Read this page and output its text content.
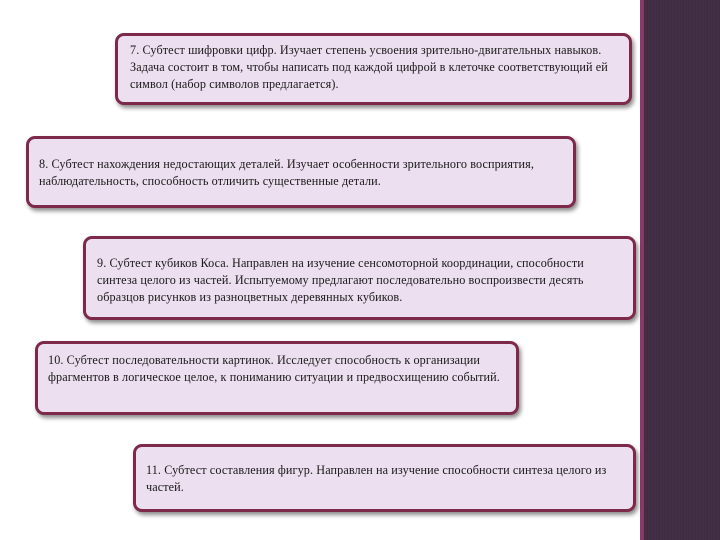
7. Субтест шифровки цифр. Изучает степень усвоения зрительно-двигательных навыков. Задача состоит в том, чтобы написать под каждой цифрой в клеточке соответствующий ей символ (набор символов предлагается).
8. Субтест нахождения недостающих деталей. Изучает особенности зрительного восприятия, наблюдательность, способность отличить существенные детали.
9. Субтест кубиков Коса. Направлен на изучение сенсомоторной координации, способности синтеза целого из частей. Испытуемому предлагают последовательно воспроизвести десять образцов рисунков из разноцветных деревянных кубиков.
10. Субтест последовательности картинок. Исследует способность к организации фрагментов в логическое целое, к пониманию ситуации и предвосхищению событий.
11. Субтест составления фигур. Направлен на изучение способности синтеза целого из частей.
